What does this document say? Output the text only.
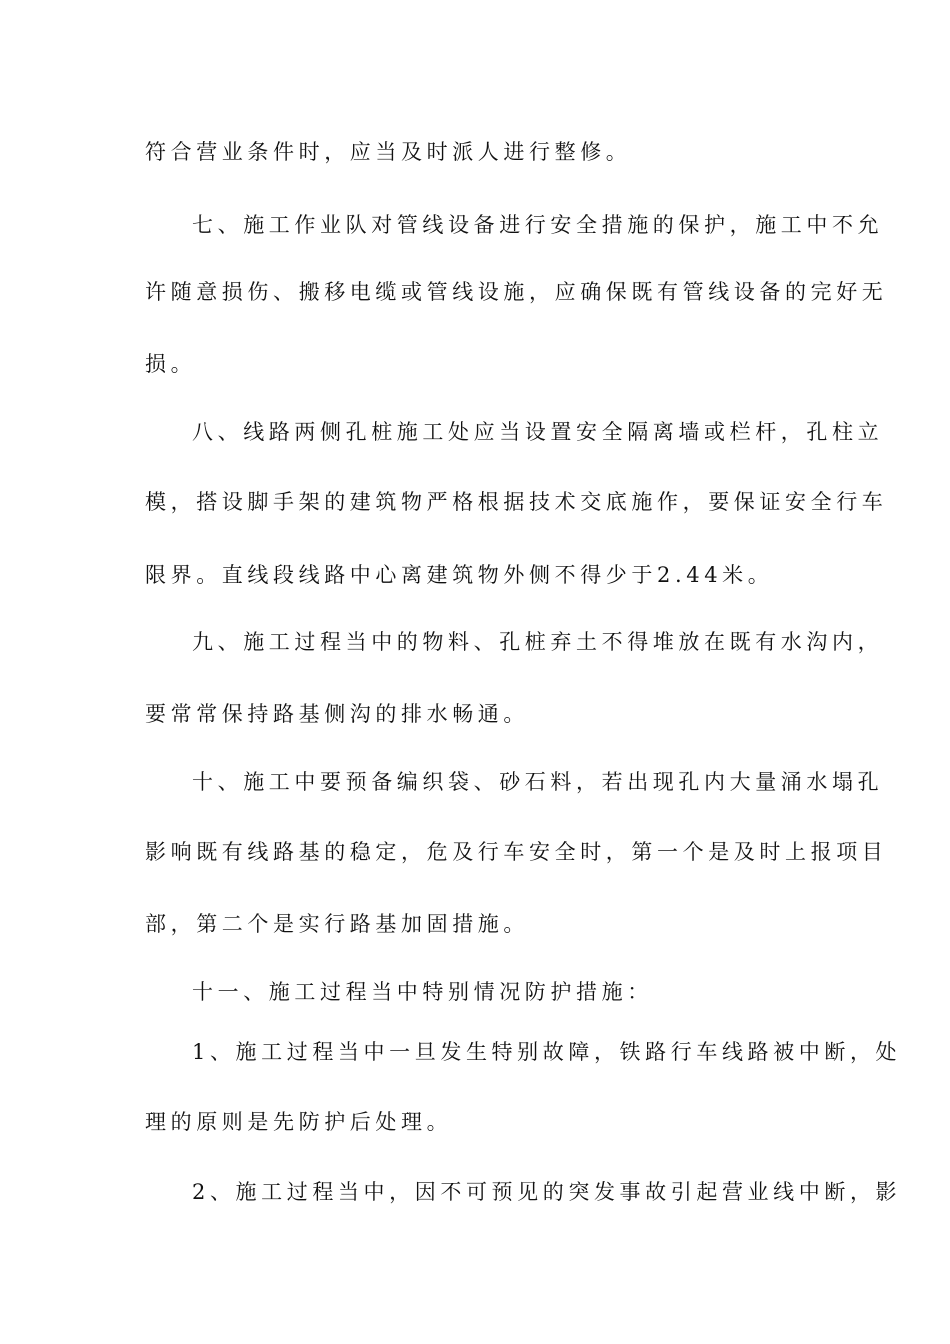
符合营业条件时，应当及时派人进行整修。
七、施工作业队对管线设备进行安全措施的保护，施工中不允
许随意损伤、搬移电缆或管线设施，应确保既有管线设备的完好无
损。
八、线路两侧孔桩施工处应当设置安全隔离墙或栏杆，孔柱立
模，搭设脚手架的建筑物严格根据技术交底施作，要保证安全行车
限界。直线段线路中心离建筑物外侧不得少于2.44米。
九、施工过程当中的物料、孔桩弃土不得堆放在既有水沟内，
要常常保持路基侧沟的排水畅通。
十、施工中要预备编织袋、砂石料，若出现孔内大量涌水塌孔
影响既有线路基的稳定，危及行车安全时，第一个是及时上报项目
部，第二个是实行路基加固措施。
十一、施工过程当中特别情况防护措施：
1、施工过程当中一旦发生特别故障，铁路行车线路被中断，处
理的原则是先防护后处理。
2、施工过程当中，因不可预见的突发事故引起营业线中断，影
